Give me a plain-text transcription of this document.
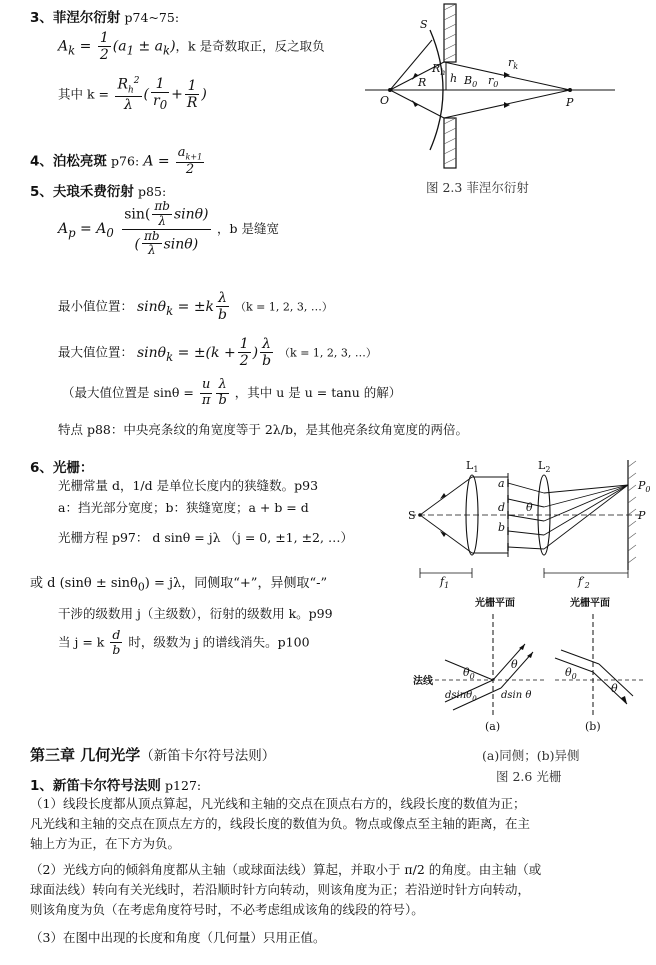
3、菲涅尔衍射 p74~75:
$A_k = \frac{1}{2} (a_1 \pm a_k)$，k 是奇数取正，反之取负
其中 $k = \frac{R_h^2}{\lambda}$ ( $\frac{1}{r_0} + \frac{1}{R}$ )
S
O	P
R
$R_h$ h $B_0$ $r_0$
$r_k$
图 2.3 菲涅尔衍射
4、泊松亮斑 p76: $A = \frac{a_{k+1}}{2}$
5、夫琅禾费衍射 p85:
$A_p = A_0 \frac{\sin( \frac{\pi b}{\lambda} \sin\theta)}{( \frac{\pi b}{\lambda} \sin\theta)}$ ，b 是缝宽
最小值位置： $\sin\theta_k = \pm k \frac{\lambda}{b} (k = 1$, 2, 3, …）
最大值位置： $\sin\theta_k = \pm(k + \frac{1}{2}$ ) $\frac{\lambda}{b} (k = 1$, 2, 3, …）
（最大值位置是 $\sin\theta = \frac{u}{\pi} \frac{\lambda}{b}$ ，其中 u 是 u = tanu 的解）
特点 p88：中央亮条纹的角宽度等于 2λ/b，是其他亮条纹角宽度的两倍。
6、光栅：
光栅常量 d，1/d 是单位长度内的狭缝数。p93
a：挡光部分宽度；b：狭缝宽度；a + b = d
光栅方程 p97： d sinθ = jλ （j = 0, ±1, ±2, …）
或 d (sinθ ± sinθ$_0$) = jλ，同侧取“+”，异侧取“-”
干涉的级数用 j（主级数），衍射的级数用 k。p99
当 j = k $\frac{d}{b}$ 时，级数为 j 的谱线消失。p100
S
$L_1$	$L_2$
$P_0$
P
a
d
b
θ
$f_1$	$f'_2$
光栅平面	光栅平面
法线
$\theta_0$
θ
dsinθ$_0$ dsin θ
$\theta_0$
θ
(a)	(b)
(a)同侧；(b)异侧
图 2.6 光栅
第三章 几何光学（新笛卡尔符号法则）
1、新笛卡尔符号法则 p127:
（1）线段长度都从顶点算起，凡光线和主轴的交点在顶点右方的，线段长度的数值为正；
凡光线和主轴的交点在顶点左方的，线段长度的数值为负。物点或像点至主轴的距离，在主
轴上方为正，在下方为负。
（2）光线方向的倾斜角度都从主轴（或球面法线）算起，并取小于 π/2 的角度。由主轴（或
球面法线）转向有关光线时，若沿顺时针方向转动，则该角度为正；若沿逆时针方向转动，
则该角度为负（在考虑角度符号时，不必考虑组成该角的线段的符号）。
（3）在图中出现的长度和角度（几何量）只用正值。
